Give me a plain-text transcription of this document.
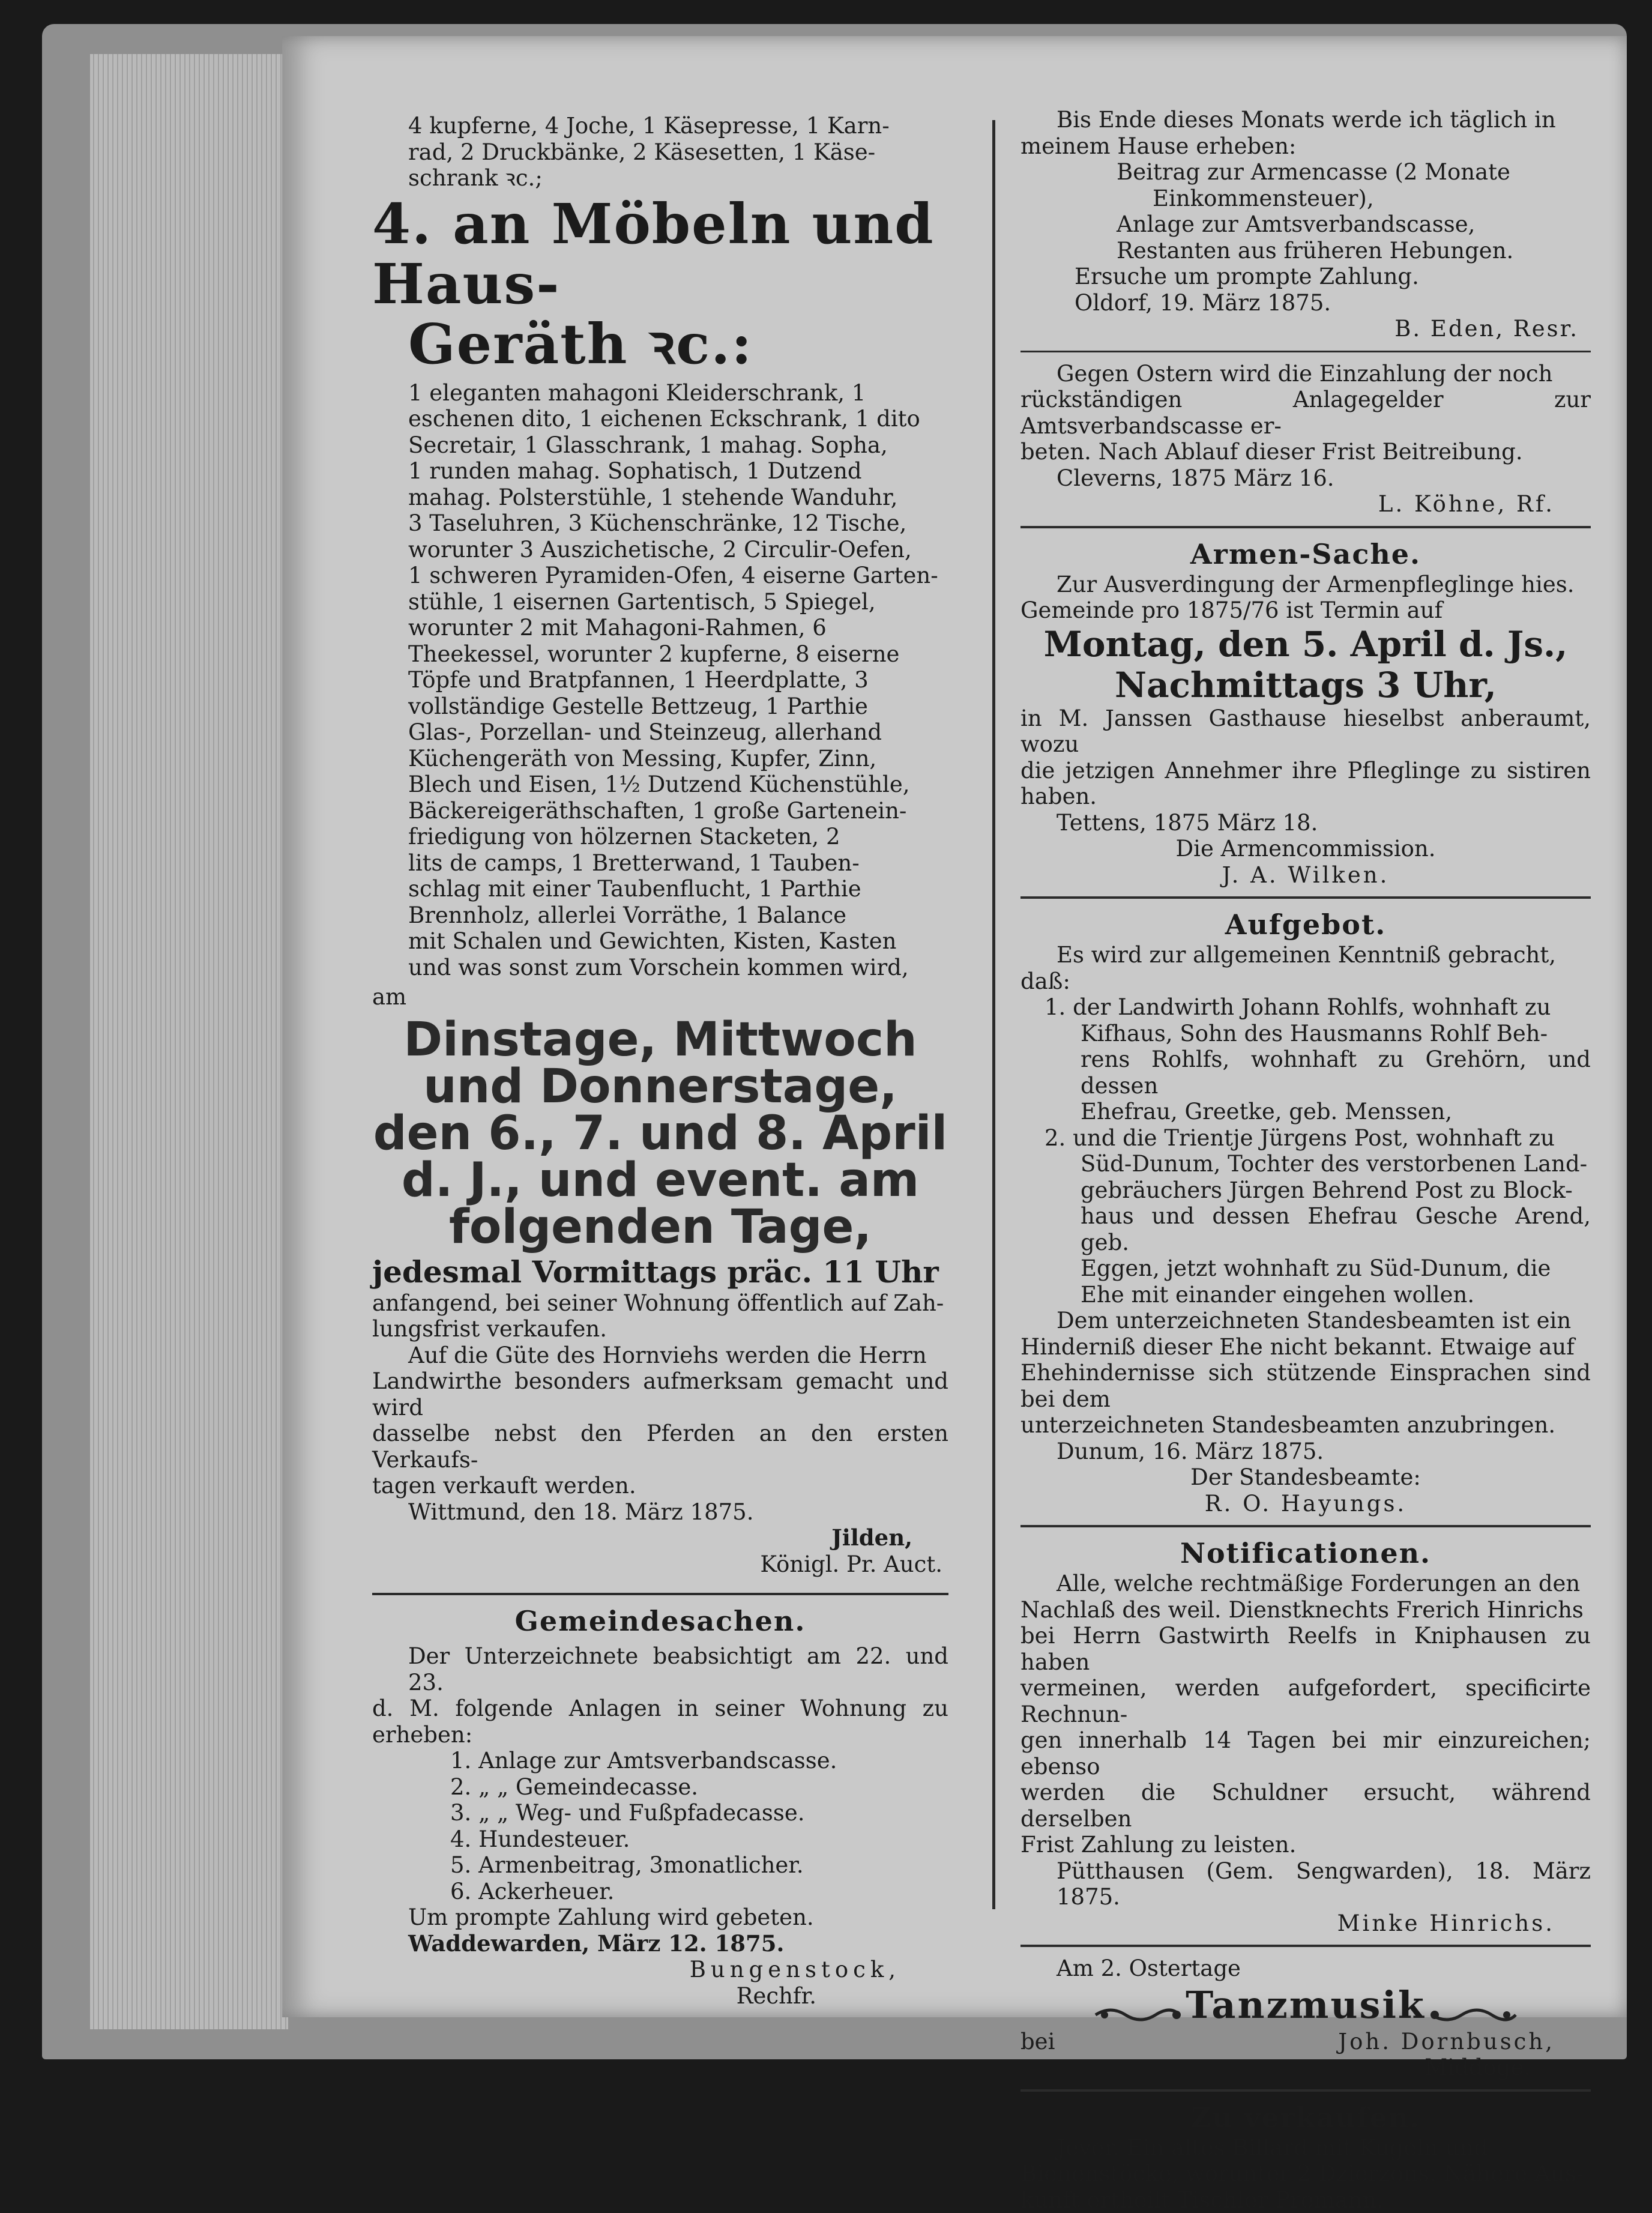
4 kupferne, 4 Joche, 1 Käsepresse, 1 Karn-
rad, 2 Druckbänke, 2 Käsesetten, 1 Käse-
schrank ꝛc.;
4. an Möbeln und Haus-
Geräth ꝛc.:
1 eleganten mahagoni Kleiderschrank, 1
eschenen dito, 1 eichenen Eckschrank, 1 dito
Secretair, 1 Glasschrank, 1 mahag. Sopha,
1 runden mahag. Sophatisch, 1 Dutzend
mahag. Polsterstühle, 1 stehende Wanduhr,
3 Taseluhren, 3 Küchenschränke, 12 Tische,
worunter 3 Auszichetische, 2 Circulir-Oefen,
1 schweren Pyramiden-Ofen, 4 eiserne Garten-
stühle, 1 eisernen Gartentisch, 5 Spiegel,
worunter 2 mit Mahagoni-Rahmen, 6
Theekessel, worunter 2 kupferne, 8 eiserne
Töpfe und Bratpfannen, 1 Heerdplatte, 3
vollständige Gestelle Bettzeug, 1 Parthie
Glas-, Porzellan- und Steinzeug, allerhand
Küchengeräth von Messing, Kupfer, Zinn,
Blech und Eisen, 1½ Dutzend Küchenstühle,
Bäckereigeräthschaften, 1 große Gartenein-
friedigung von hölzernen Stacketen, 2
lits de camps, 1 Bretterwand, 1 Tauben-
schlag mit einer Taubenflucht, 1 Parthie
Brennholz, allerlei Vorräthe, 1 Balance
mit Schalen und Gewichten, Kisten, Kasten
und was sonst zum Vorschein kommen wird,
am
Dinstage, Mittwoch
und Donnerstage,
den 6., 7. und 8. April
d. J., und event. am
folgenden Tage,
jedesmal Vormittags präc. 11 Uhr
anfangend, bei seiner Wohnung öffentlich auf Zah-
lungsfrist verkaufen.
Auf die Güte des Hornviehs werden die Herrn
Landwirthe besonders aufmerksam gemacht und wird
dasselbe nebst den Pferden an den ersten Verkaufs-
tagen verkauft werden.
Wittmund, den 18. März 1875.
Jilden,
Königl. Pr. Auct.
Gemeindesachen.
Der Unterzeichnete beabsichtigt am 22. und 23.
d. M. folgende Anlagen in seiner Wohnung zu erheben:
1. Anlage zur Amtsverbandscasse.
2. „ „ Gemeindecasse.
3. „ „ Weg- und Fußpfadecasse.
4. Hundesteuer.
5. Armenbeitrag, 3monatlicher.
6. Ackerheuer.
Um prompte Zahlung wird gebeten.
Waddewarden, März 12. 1875.
Bungenstock,
Rechfr.
Bis Ende dieses Monats werde ich täglich in
meinem Hause erheben:
Beitrag zur Armencasse (2 Monate
Einkommensteuer),
Anlage zur Amtsverbandscasse,
Restanten aus früheren Hebungen.
Ersuche um prompte Zahlung.
Oldorf, 19. März 1875.
B. Eden, Resr.
Gegen Ostern wird die Einzahlung der noch
rückständigen Anlagegelder zur Amtsverbandscasse er-
beten. Nach Ablauf dieser Frist Beitreibung.
Cleverns, 1875 März 16.
L. Köhne, Rf.
Armen-Sache.
Zur Ausverdingung der Armenpfleglinge hies.
Gemeinde pro 1875/76 ist Termin auf
Montag, den 5. April d. Js.,
Nachmittags 3 Uhr,
in M. Janssen Gasthause hieselbst anberaumt, wozu
die jetzigen Annehmer ihre Pfleglinge zu sistiren haben.
Tettens, 1875 März 18.
Die Armencommission.
J. A. Wilken.
Aufgebot.
Es wird zur allgemeinen Kenntniß gebracht,
daß:
1. der Landwirth Johann Rohlfs, wohnhaft zu
Kifhaus, Sohn des Hausmanns Rohlf Beh-
rens Rohlfs, wohnhaft zu Grehörn, und dessen
Ehefrau, Greetke, geb. Menssen,
2. und die Trientje Jürgens Post, wohnhaft zu
Süd-Dunum, Tochter des verstorbenen Land-
gebräuchers Jürgen Behrend Post zu Block-
haus und dessen Ehefrau Gesche Arend, geb.
Eggen, jetzt wohnhaft zu Süd-Dunum, die
Ehe mit einander eingehen wollen.
Dem unterzeichneten Standesbeamten ist ein
Hinderniß dieser Ehe nicht bekannt. Etwaige auf
Ehehindernisse sich stützende Einsprachen sind bei dem
unterzeichneten Standesbeamten anzubringen.
Dunum, 16. März 1875.
Der Standesbeamte:
R. O. Hayungs.
Notificationen.
Alle, welche rechtmäßige Forderungen an den
Nachlaß des weil. Dienstknechts Frerich Hinrichs
bei Herrn Gastwirth Reelfs in Kniphausen zu haben
vermeinen, werden aufgefordert, specificirte Rechnun-
gen innerhalb 14 Tagen bei mir einzureichen; ebenso
werden die Schuldner ersucht, während derselben
Frist Zahlung zu leisten.
Pütthausen (Gem. Sengwarden), 18. März 1875.
Minke Hinrichs.
Am 2. Ostertage
Tanzmusik
bei	Joh. Dornbusch,
Middoge.
Zu verkaufen.
Jever. Ein altes Billard mit Kugeln und
Bienenstöcke, worunter 2 Dzierzons. Nähere Aus-
kunft ertheilt Tischler Premann.
